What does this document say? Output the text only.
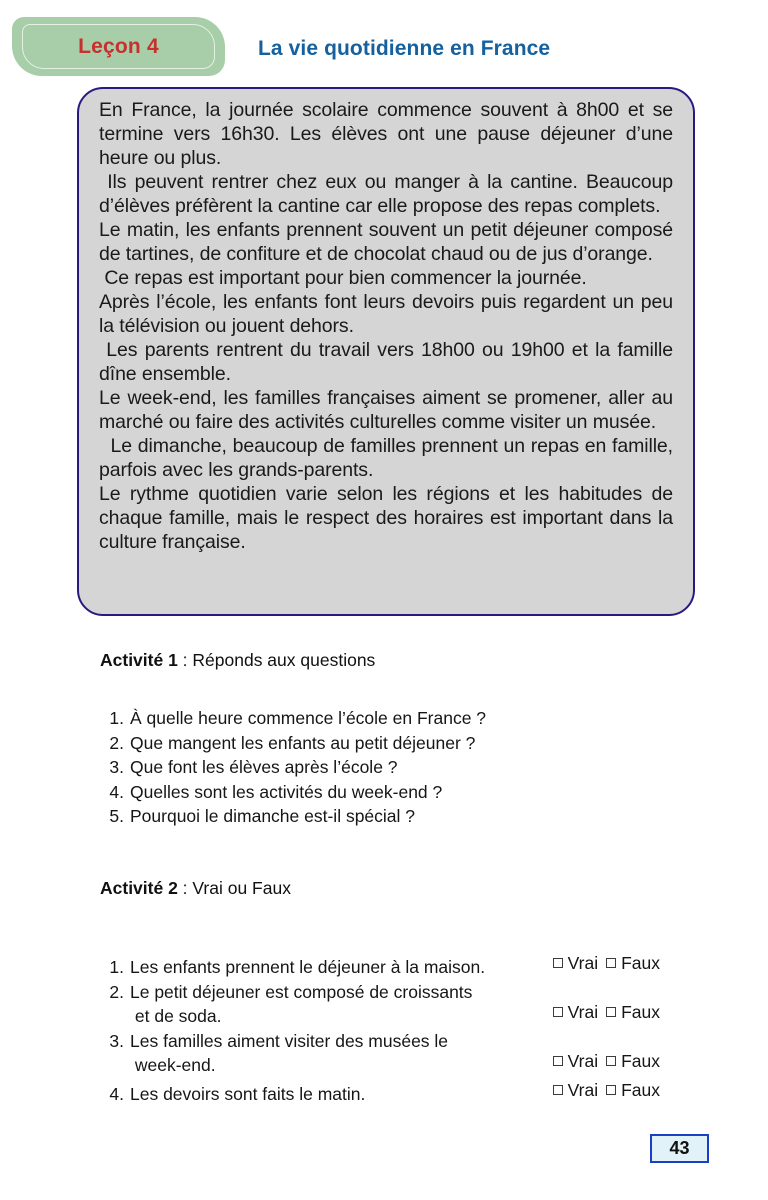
Leçon 4	La vie quotidienne en France

En France, la journée scolaire commence souvent à 8h00 et se termine vers 16h30. Les élèves ont une pause déjeuner d’une heure ou plus.

Ils peuvent rentrer chez eux ou manger à la cantine. Beaucoup d’élèves préfèrent la cantine car elle propose des repas complets.

Le matin, les enfants prennent souvent un petit déjeuner composé de tartines, de confiture et de chocolat chaud ou de jus d’orange.

Ce repas est important pour bien commencer la journée.

Après l’école, les enfants font leurs devoirs puis regardent un peu la télévision ou jouent dehors.

Les parents rentrent du travail vers 18h00 ou 19h00 et la famille dîne ensemble.

Le week-end, les familles françaises aiment se promener, aller au marché ou faire des activités culturelles comme visiter un musée.

Le dimanche, beaucoup de familles prennent un repas en famille, parfois avec les grands-parents.

Le rythme quotidien varie selon les régions et les habitudes de chaque famille, mais le respect des horaires est important dans la culture française.

Activité 1 : Réponds aux questions
1. À quelle heure commence l’école en France ?
2. Que mangent les enfants au petit déjeuner ?
3. Que font les élèves après l’école ?
4. Quelles sont les activités du week-end ?
5. Pourquoi le dimanche est-il spécial ?
Activité 2 : Vrai ou Faux
1. Les enfants prennent le déjeuner à la maison.	Vrai Faux
2. Le petit déjeuner est composé de croissants
et de soda.	Vrai Faux
3. Les familles aiment visiter des musées le
week-end.	Vrai Faux
4. Les devoirs sont faits le matin.	Vrai Faux
43
